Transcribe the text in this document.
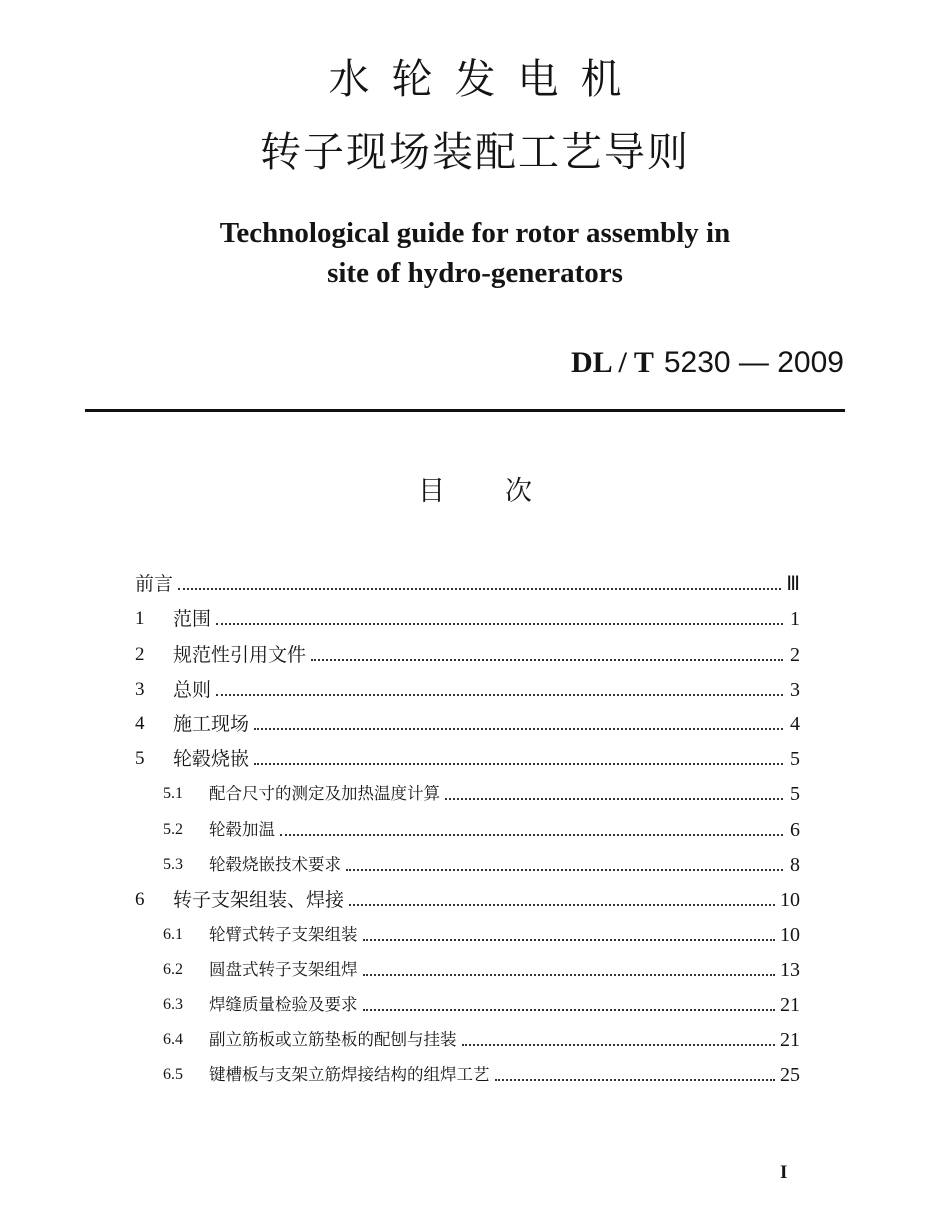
水轮发电机
转子现场装配工艺导则
Technological guide for rotor assembly in
site of hydro-generators
DL / T 5230 — 2009
目次
前言	Ⅲ
1	范围	1
2	规范性引用文件	2
3	总则	3
4	施工现场	4
5	轮毂烧嵌	5
5.1	配合尺寸的测定及加热温度计算	5
5.2	轮毂加温	6
5.3	轮毂烧嵌技术要求	8
6	转子支架组装、焊接	10
6.1	轮臂式转子支架组装	10
6.2	圆盘式转子支架组焊	13
6.3	焊缝质量检验及要求	21
6.4	副立筋板或立筋垫板的配刨与挂装	21
6.5	键槽板与支架立筋焊接结构的组焊工艺	25
I
